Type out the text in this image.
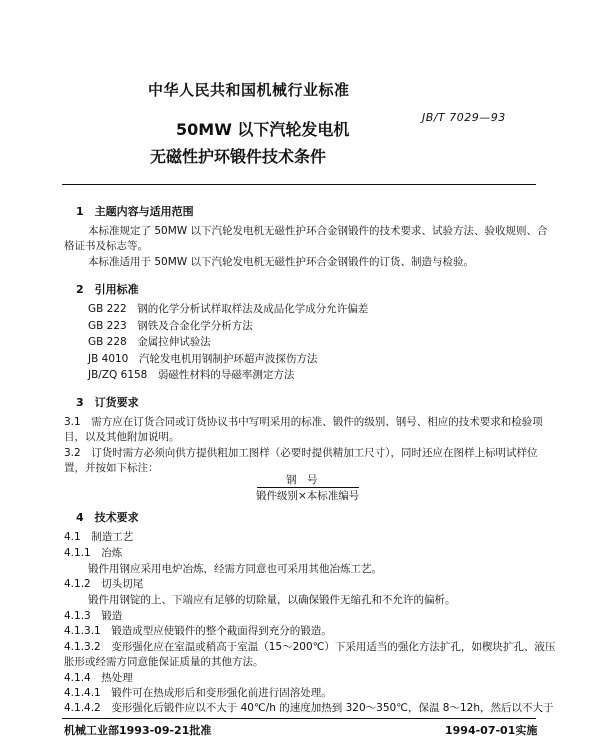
中华人民共和国机械行业标准
JB/T 7029—93
50MW 以下汽轮发电机
无磁性护环锻件技术条件
1　主题内容与适用范围
本标准规定了 50MW 以下汽轮发电机无磁性护环合金钢锻件的技术要求、试验方法、验收规则、合
格证书及标志等。
本标准适用于 50MW 以下汽轮发电机无磁性护环合金钢锻件的订货、制造与检验。
2　引用标准
GB 222　钢的化学分析试样取样法及成品化学成分允许偏差
GB 223　钢铁及合金化学分析方法
GB 228　金属拉伸试验法
JB 4010　汽轮发电机用钢制护环超声波探伤方法
JB/ZQ 6158　弱磁性材料的导磁率测定方法
3　订货要求
3.1　需方应在订货合同或订货协议书中写明采用的标准、锻件的级别、钢号、相应的技术要求和检验项
目，以及其他附加说明。
3.2　订货时需方必须向供方提供粗加工图样（必要时提供精加工尺寸），同时还应在图样上标明试样位
置，并按如下标注：
钢　号
锻件级别×本标准编号
4　技术要求
4.1　制造工艺
4.1.1　冶炼
锻件用钢应采用电炉冶炼，经需方同意也可采用其他冶炼工艺。
4.1.2　切头切尾
锻件用钢锭的上、下端应有足够的切除量，以确保锻件无缩孔和不允许的偏析。
4.1.3　锻造
4.1.3.1　锻造成型应使锻件的整个截面得到充分的锻造。
4.1.3.2　变形强化应在室温或稍高于室温（15～200℃）下采用适当的强化方法扩孔，如楔块扩孔、液压
胀形或经需方同意能保证质量的其他方法。
4.1.4　热处理
4.1.4.1　锻件可在热成形后和变形强化前进行固溶处理。
4.1.4.2　变形强化后锻件应以不大于 40℃/h 的速度加热到 320～350℃，保温 8～12h，然后以不大于
机械工业部1993-09-21批准	1994-07-01实施
